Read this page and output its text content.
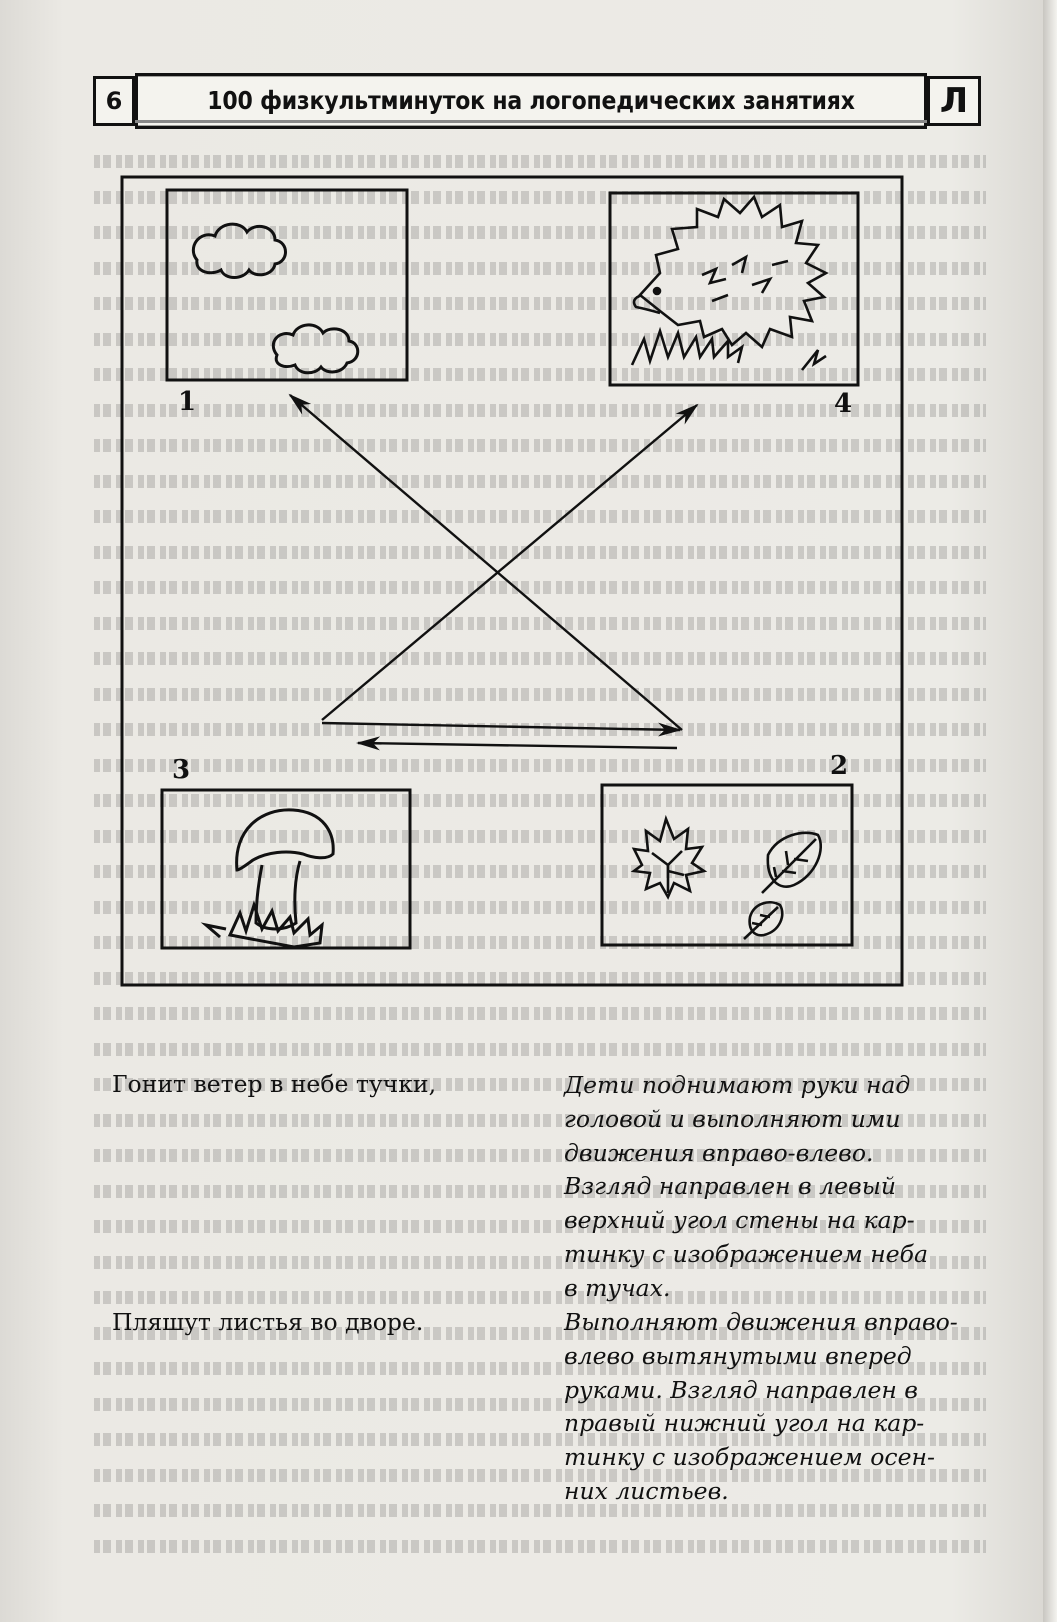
6	100 физкультминуток на логопедических занятиях	Л
1	4
3	2
Гонит ветер в небе тучки,	Дети поднимают руки над
головой и выполняют ими
движения вправо-влево.
Взгляд направлен в левый
верхний угол стены на кар-
тинку с изображением неба
в тучах.
Пляшут листья во дворе.	Выполняют движения вправо-
влево вытянутыми вперед
руками. Взгляд направлен в
правый нижний угол на кар-
тинку с изображением осен-
них листьев.
